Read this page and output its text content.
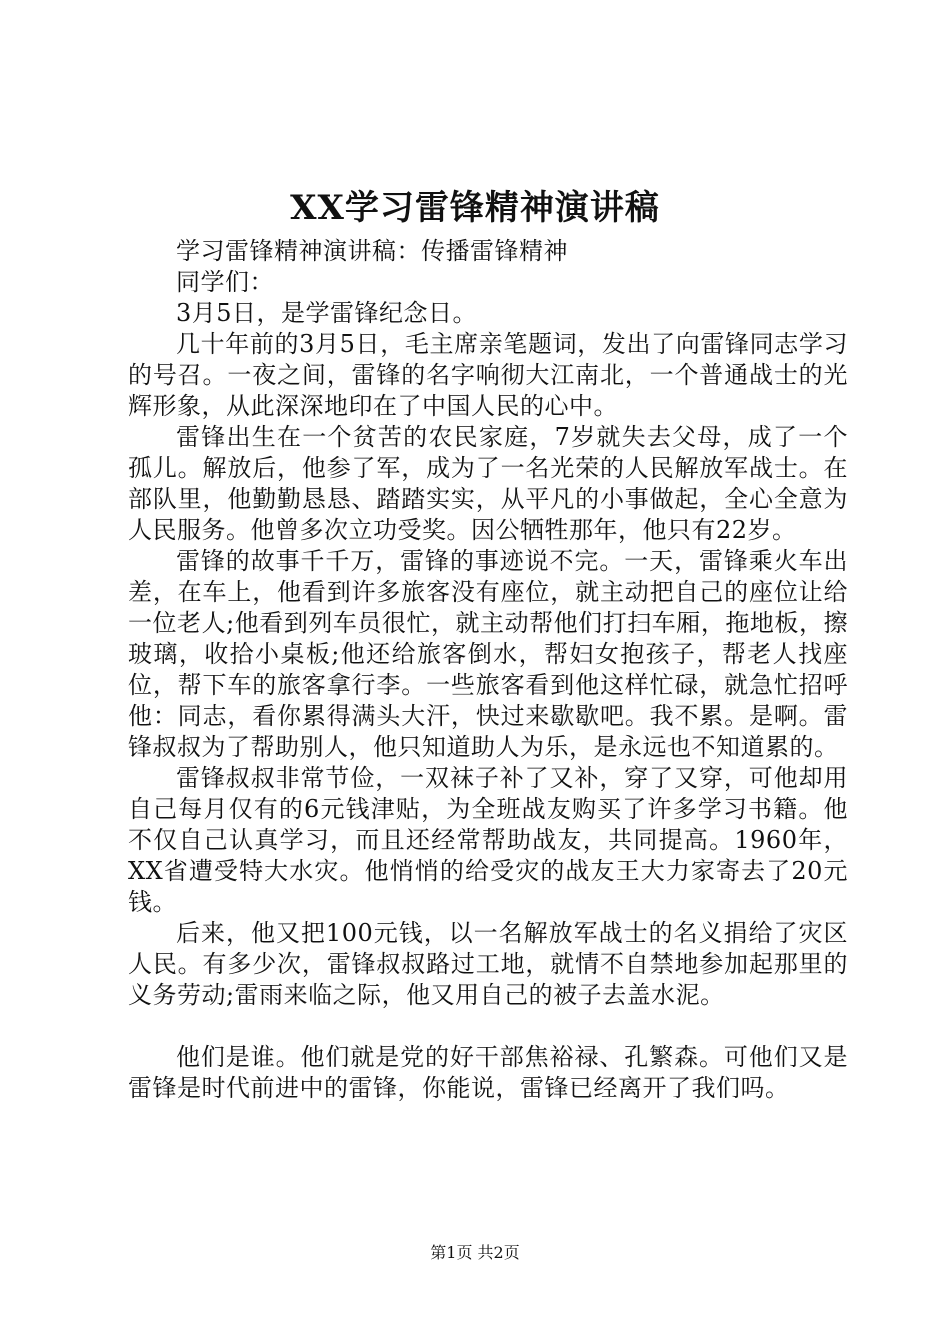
XX学习雷锋精神演讲稿

学习雷锋精神演讲稿：传播雷锋精神

同学们：

3月5日，是学雷锋纪念日。

几十年前的3月5日，毛主席亲笔题词，发出了向雷锋同志学习的号召。一夜之间，雷锋的名字响彻大江南北，一个普通战士的光辉形象，从此深深地印在了中国人民的心中。

雷锋出生在一个贫苦的农民家庭，7岁就失去父母，成了一个孤儿。解放后，他参了军，成为了一名光荣的人民解放军战士。在部队里，他勤勤恳恳、踏踏实实，从平凡的小事做起，全心全意为人民服务。他曾多次立功受奖。因公牺牲那年，他只有22岁。

雷锋的故事千千万，雷锋的事迹说不完。一天，雷锋乘火车出差，在车上，他看到许多旅客没有座位，就主动把自己的座位让给一位老人;他看到列车员很忙，就主动帮他们打扫车厢，拖地板，擦玻璃，收拾小桌板;他还给旅客倒水，帮妇女抱孩子，帮老人找座位，帮下车的旅客拿行李。一些旅客看到他这样忙碌，就急忙招呼他：同志，看你累得满头大汗，快过来歇歇吧。我不累。是啊。雷锋叔叔为了帮助别人，他只知道助人为乐，是永远也不知道累的。

雷锋叔叔非常节俭，一双袜子补了又补，穿了又穿，可他却用自己每月仅有的6元钱津贴，为全班战友购买了许多学习书籍。他不仅自己认真学习，而且还经常帮助战友，共同提高。1960年，XX省遭受特大水灾。他悄悄的给受灾的战友王大力家寄去了20元钱。

后来，他又把100元钱，以一名解放军战士的名义捐给了灾区人民。有多少次，雷锋叔叔路过工地，就情不自禁地参加起那里的义务劳动;雷雨来临之际，他又用自己的被子去盖水泥。

他们是谁。他们就是党的好干部焦裕禄、孔繁森。可他们又是雷锋是时代前进中的雷锋，你能说，雷锋已经离开了我们吗。

第1页 共2页
